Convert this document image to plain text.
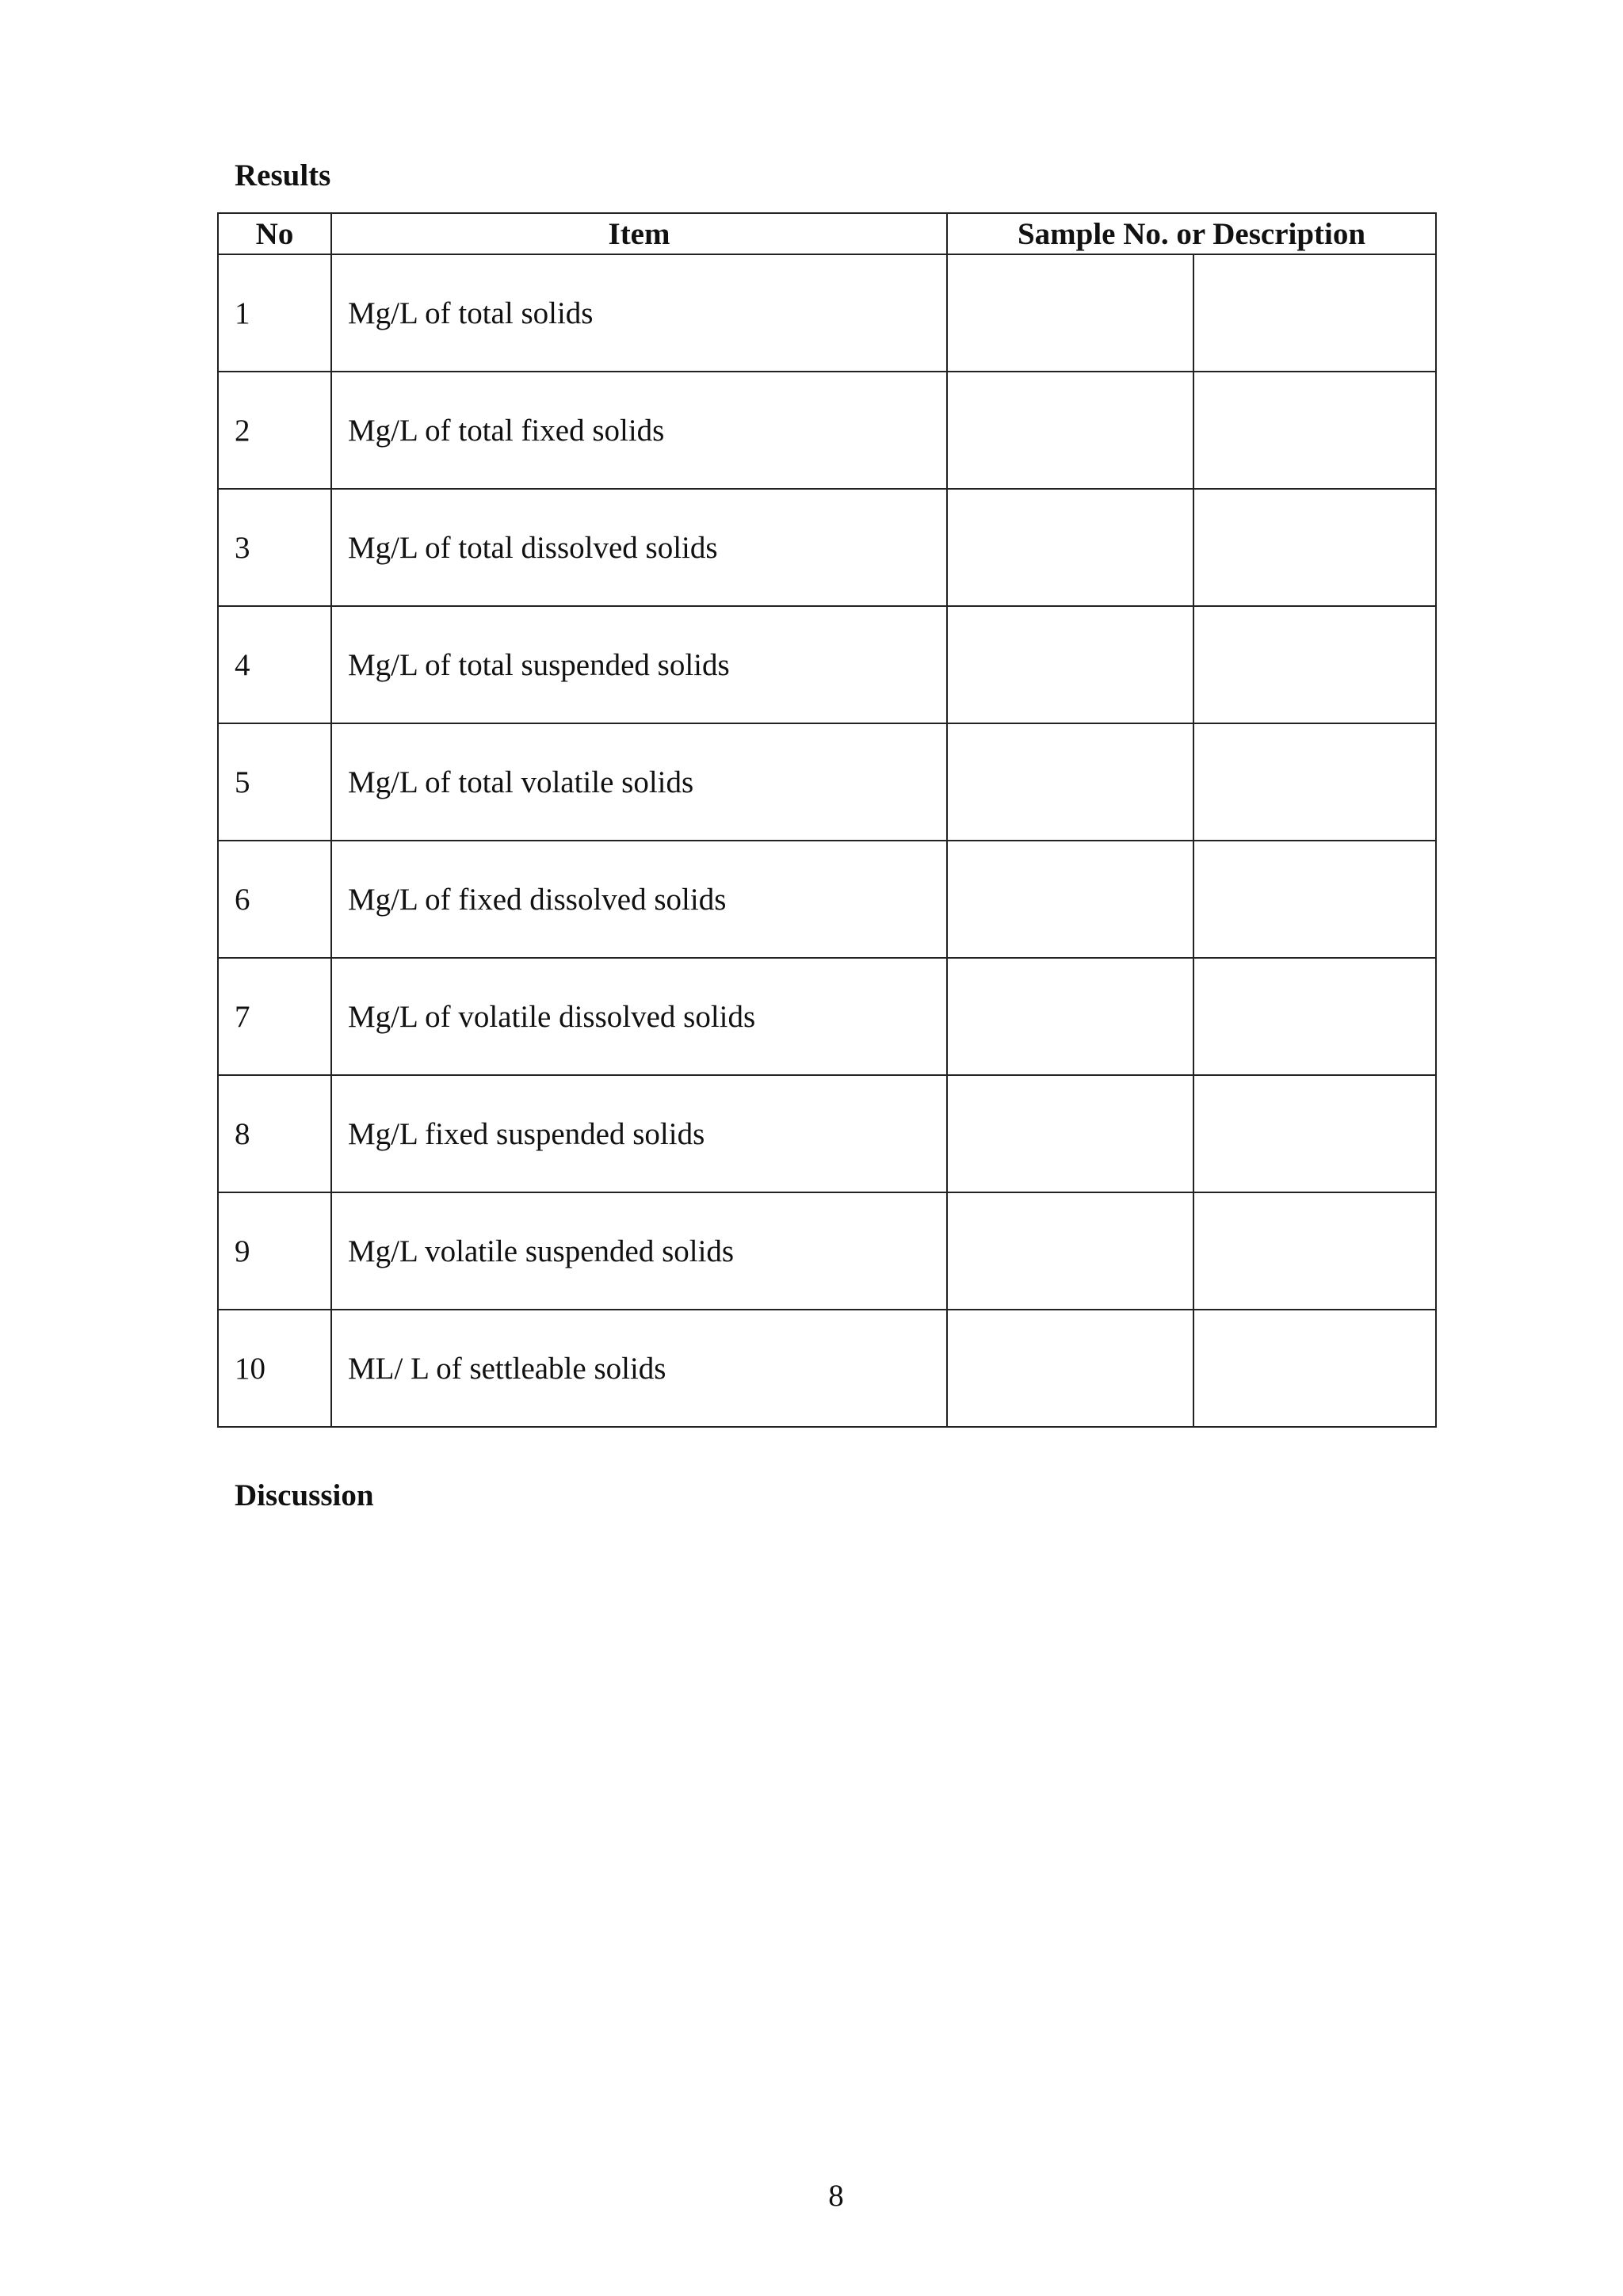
Results
No	Item	Sample No. or Description	
1	Mg/L of total solids		
2	Mg/L of total fixed solids		
3	Mg/L of total dissolved solids		
4	Mg/L of total suspended solids		
5	Mg/L of total volatile solids		
6	Mg/L of fixed dissolved solids		
7	Mg/L of volatile dissolved solids		
8	Mg/L fixed suspended solids		
9	Mg/L volatile suspended solids		
10	ML/ L of settleable solids		
Discussion
8
